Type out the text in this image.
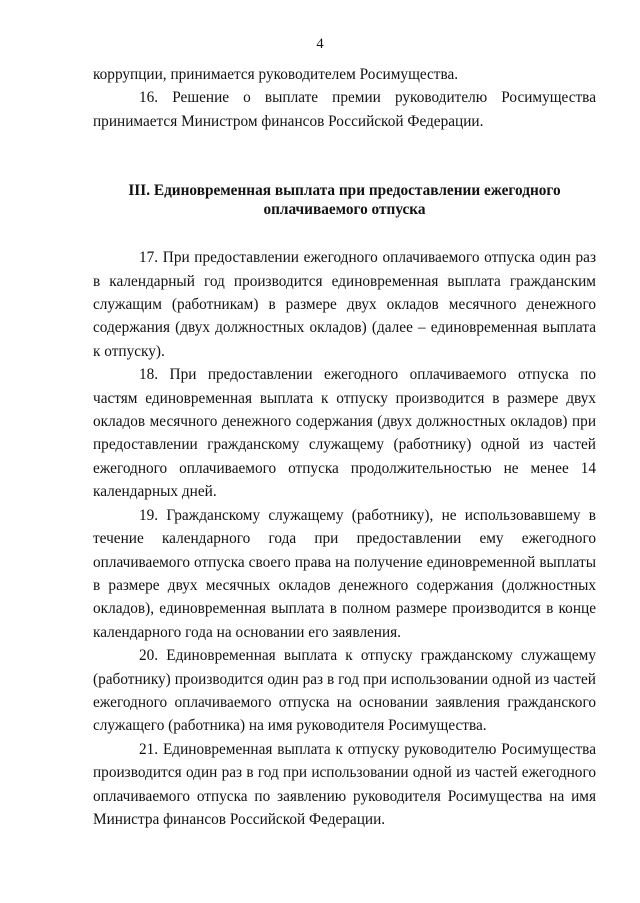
4

коррупции, принимается руководителем Росимущества.

16. Решение о выплате премии руководителю Росимущества принимается Министром финансов Российской Федерации.

III. Единовременная выплата при предоставлении ежегодного
оплачиваемого отпуска

17. При предоставлении ежегодного оплачиваемого отпуска один раз в календарный год производится единовременная выплата гражданским служащим (работникам) в размере двух окладов месячного денежного содержания (двух должностных окладов) (далее – единовременная выплата к отпуску).

18. При предоставлении ежегодного оплачиваемого отпуска по частям единовременная выплата к отпуску производится в размере двух окладов месячного денежного содержания (двух должностных окладов) при предоставлении гражданскому служащему (работнику) одной из частей ежегодного оплачиваемого отпуска продолжительностью не менее 14 календарных дней.

19. Гражданскому служащему (работнику), не использовавшему в течение календарного года при предоставлении ему ежегодного оплачиваемого отпуска своего права на получение единовременной выплаты в размере двух месячных окладов денежного содержания (должностных окладов), единовременная выплата в полном размере производится в конце календарного года на основании его заявления.

20. Единовременная выплата к отпуску гражданскому служащему (работнику) производится один раз в год при использовании одной из частей ежегодного оплачиваемого отпуска на основании заявления гражданского служащего (работника) на имя руководителя Росимущества.

21. Единовременная выплата к отпуску руководителю Росимущества производится один раз в год при использовании одной из частей ежегодного оплачиваемого отпуска по заявлению руководителя Росимущества на имя Министра финансов Российской Федерации.
